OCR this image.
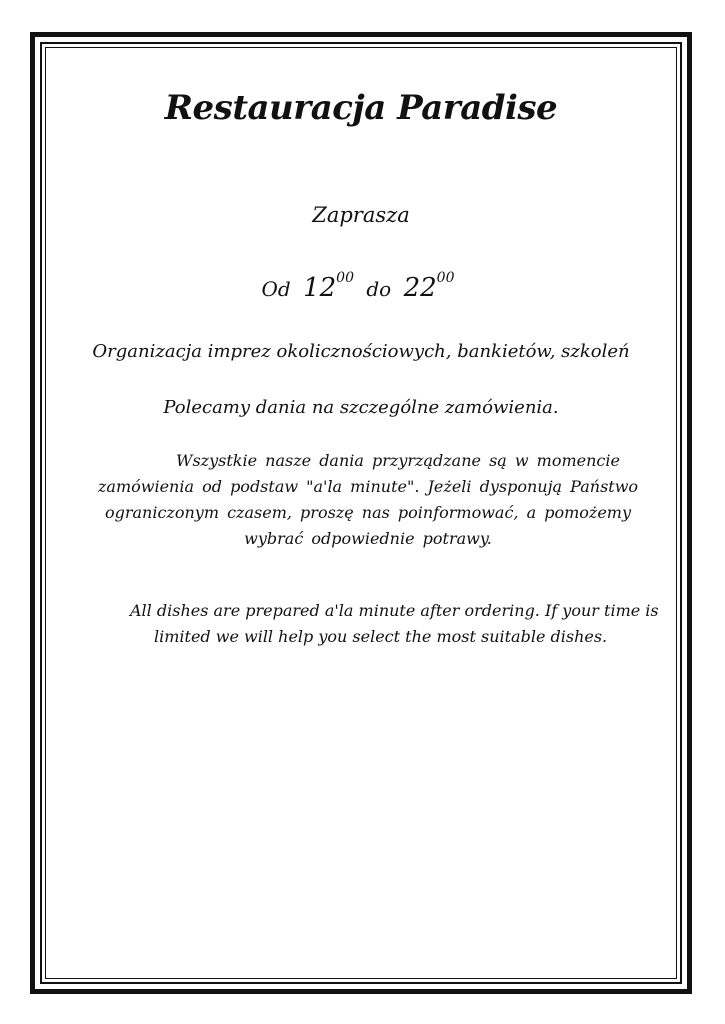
Restauracja Paradise
Zaprasza
Od $12^{00}$ do $22^{00}$
Organizacja imprez okolicznościowych, bankietów, szkoleń
Polecamy dania na szczególne zamówienia.
Wszystkie nasze dania przyrządzane są w momencie
zamówienia od podstaw "a'la minute". Jeżeli dysponują Państwo
ograniczonym czasem, proszę nas poinformować, a pomożemy
wybrać odpowiednie potrawy.
All dishes are prepared a'la minute after ordering. If your time is
limited we will help you select the most suitable dishes.
